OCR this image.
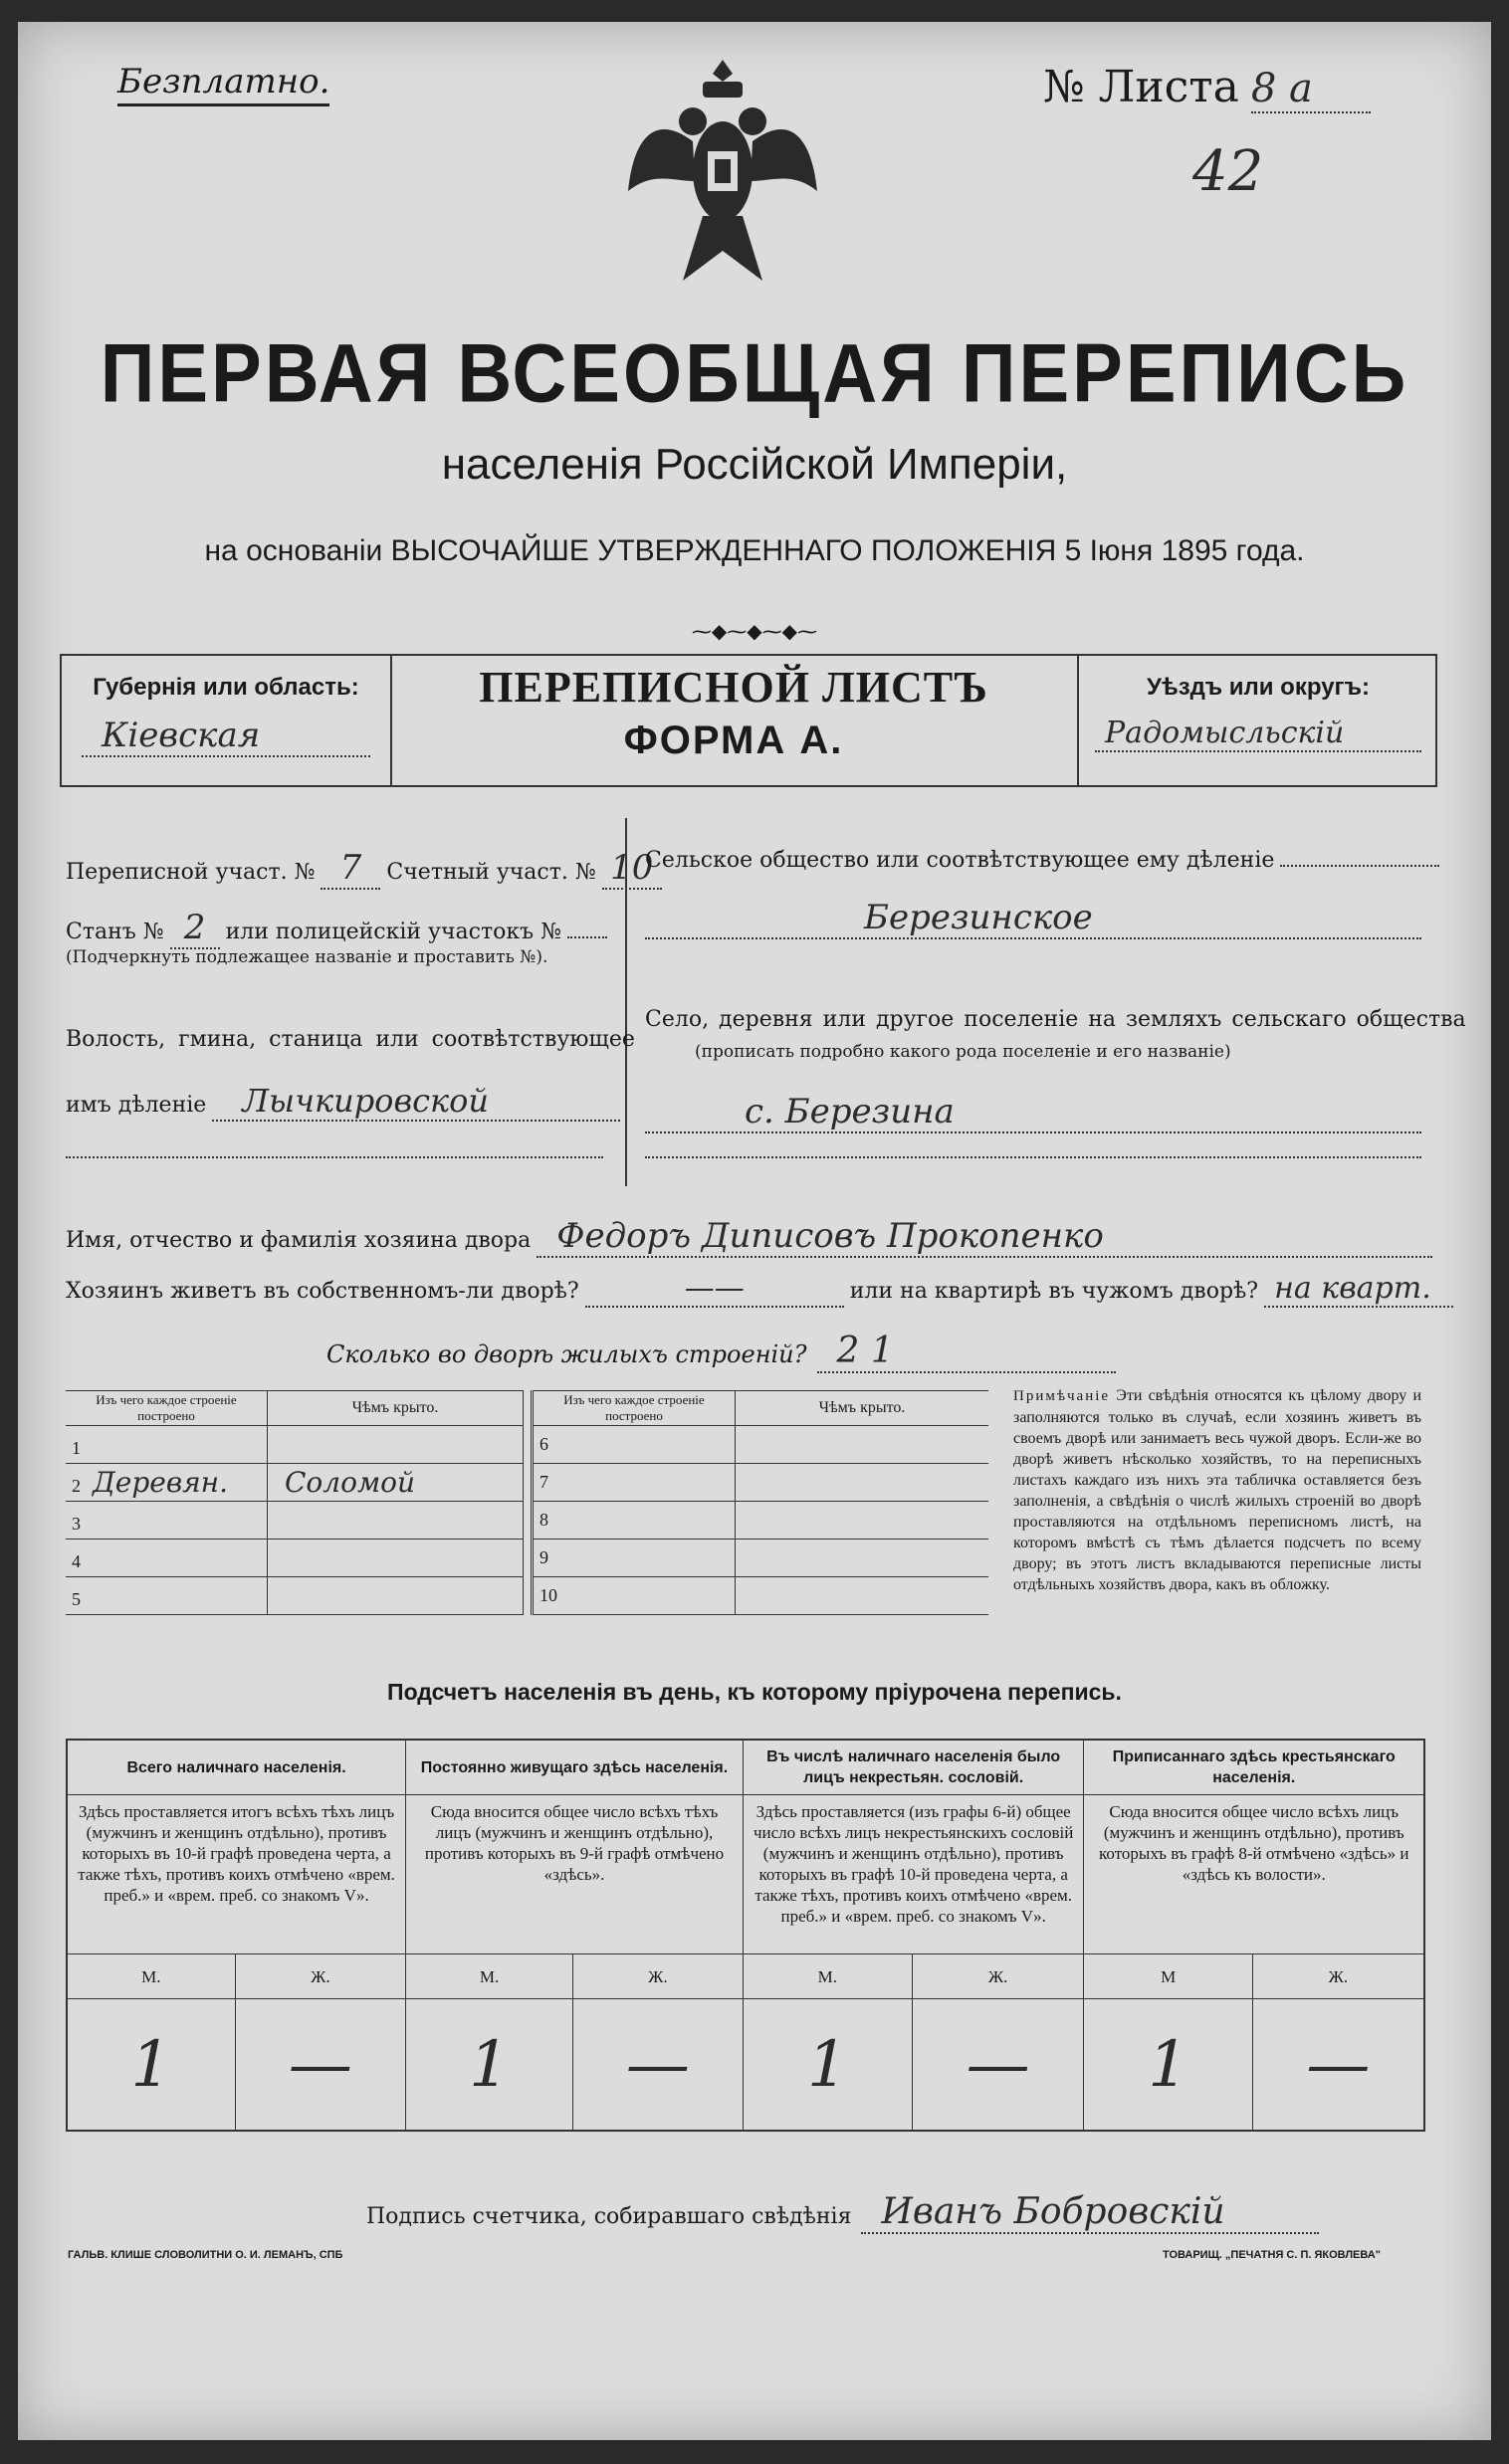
Безплатно.	№ Листа 8 а
42
ПЕРВАЯ ВСЕОБЩАЯ ПЕРЕПИСЬ
населенія Россійской Имперіи,
на основаніи ВЫСОЧАЙШЕ УТВЕРЖДЕННАГО ПОЛОЖЕНІЯ 5 Іюня 1895 года.
⁓◆⁓◆⁓◆⁓
Губернія или область:
Кіевская
ПЕРЕПИСНОЙ ЛИСТЪ
ФОРМА А.
Уѣздъ или округъ:
Радомысльскій
Переписной участ. № 7	Счетный участ. № 10
Станъ № 2 или полицейскій участокъ №
(Подчеркнуть подлежащее названіе и проставить №).
Волость, гмина, станица или соотвѣтствующее
имъ дѣленіе	Лычкировской
Сельское общество или соотвѣтствующее ему дѣленіе
Березинское
Село, деревня или другое поселеніе на земляхъ сельскаго общества
(прописать подробно какого рода поселеніе и его названіе)
с. Березина
Имя, отчество и фамилія хозяина двора Федоръ Диписовъ Прокопенко
Хозяинъ живетъ въ собственномъ-ли дворѣ?	——	или на квартирѣ въ чужомъ дворѣ? на кварт.
Сколько во дворѣ жилыхъ строеній? 2 1
Изъ чего каждое строеніе построено	Чѣмъ крыто.
1	
2 Деревян.	Соломой
3	
4	
5	
Изъ чего каждое строеніе построено	Чѣмъ крыто.
6	
7	
8	
9	
10	
Примѣчаніе Эти свѣдѣнія относятся къ цѣлому двору и заполняются только въ случаѣ, если хозяинъ живетъ въ своемъ дворѣ или занимаетъ весь чужой дворъ. Если-же во дворѣ живетъ нѣсколько хозяйствъ, то на переписныхъ листахъ каждаго изъ нихъ эта табличка оставляется безъ заполненія, а свѣдѣнія о числѣ жилыхъ строеній во дворѣ проставляются на отдѣльномъ переписномъ листѣ, на которомъ вмѣстѣ съ тѣмъ дѣлается подсчетъ по всему двору; въ этотъ листъ вкладываются переписные листы отдѣльныхъ хозяйствъ двора, какъ въ обложку.
Подсчетъ населенія въ день, къ которому пріурочена перепись.
Всего наличнаго населенія.		Постоянно живущаго здѣсь населенія.		Въ числѣ наличнаго населенія было лицъ некрестьян. сословій.		Приписаннаго здѣсь крестьянскаго населенія.	
Здѣсь проставляется итогъ всѣхъ тѣхъ лицъ (мужчинъ и женщинъ отдѣльно), противъ которыхъ въ 10-й графѣ проведена черта, а также тѣхъ, противъ коихъ отмѣчено «врем. преб.» и «врем. преб. со знакомъ V».		Сюда вносится общее число всѣхъ тѣхъ лицъ (мужчинъ и женщинъ отдѣльно), противъ которыхъ въ 9-й графѣ отмѣчено «здѣсь».		Здѣсь проставляется (изъ графы 6-й) общее число всѣхъ лицъ некрестьянскихъ сословій (мужчинъ и женщинъ отдѣльно), противъ которыхъ въ графѣ 10-й проведена черта, а также тѣхъ, противъ коихъ отмѣчено «врем. преб.» и «врем. преб. со знакомъ V».		Сюда вносится общее число всѣхъ лицъ (мужчинъ и женщинъ отдѣльно), противъ которыхъ въ графѣ 8-й отмѣчено «здѣсь» и «здѣсь къ волости».	
М.	Ж.	М.	Ж.	М.	Ж.	М	Ж.
1	—	1	—	1	—	1	—
Подпись счетчика, собиравшаго свѣдѣнія Иванъ Бобровскій
ГАЛЬВ. КЛИШЕ СЛОВОЛИТНИ О. И. ЛЕМАНЪ, СПБ	ТОВАРИЩ. „ПЕЧАТНЯ С. П. ЯКОВЛЕВА"
